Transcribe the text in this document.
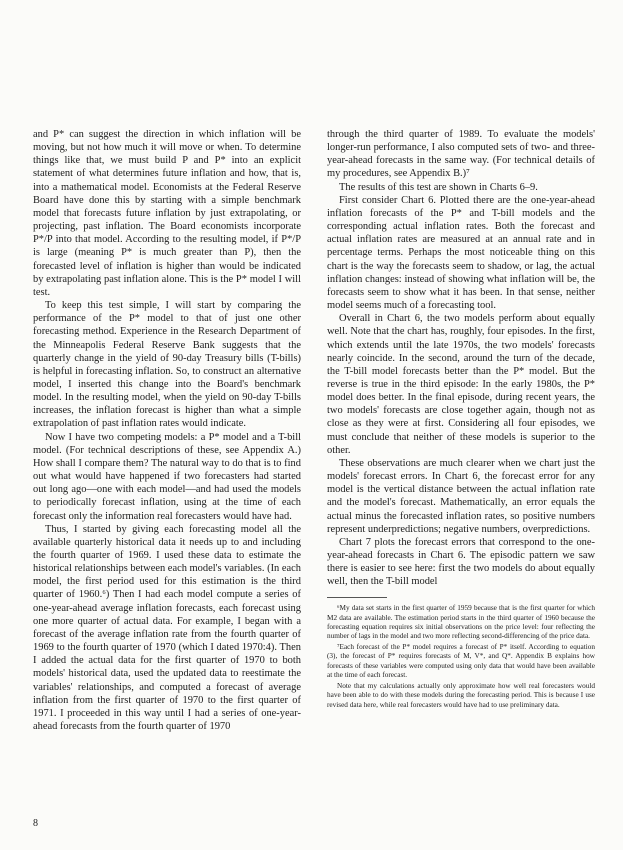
and P* can suggest the direction in which inflation will be moving, but not how much it will move or when. To determine things like that, we must build P and P* into an explicit statement of what determines future inflation and how, that is, into a mathematical model. Economists at the Federal Reserve Board have done this by starting with a simple benchmark model that forecasts future inflation by just extrapolating, or projecting, past inflation. The Board economists incorporate P*/P into that model. According to the resulting model, if P*/P is large (meaning P* is much greater than P), then the forecasted level of inflation is higher than would be indicated by extrapolating past inflation alone. This is the P* model I will test.

To keep this test simple, I will start by comparing the performance of the P* model to that of just one other forecasting method. Experience in the Research Department of the Minneapolis Federal Reserve Bank suggests that the quarterly change in the yield of 90-day Treasury bills (T-bills) is helpful in forecasting inflation. So, to construct an alternative model, I inserted this change into the Board's benchmark model. In the resulting model, when the yield on 90-day T-bills increases, the inflation forecast is higher than what a simple extrapolation of past inflation rates would indicate.

Now I have two competing models: a P* model and a T-bill model. (For technical descriptions of these, see Appendix A.) How shall I compare them? The natural way to do that is to find out what would have happened if two forecasters had started out long ago—one with each model—and had used the models to periodically forecast inflation, using at the time of each forecast only the information real forecasters would have had.

Thus, I started by giving each forecasting model all the available quarterly historical data it needs up to and including the fourth quarter of 1969. I used these data to estimate the historical relationships between each model's variables. (In each model, the first period used for this estimation is the third quarter of 1960.⁶) Then I had each model compute a series of one-year-ahead average inflation forecasts, each forecast using one more quarter of actual data. For example, I began with a forecast of the average inflation rate from the fourth quarter of 1969 to the fourth quarter of 1970 (which I dated 1970:4). Then I added the actual data for the first quarter of 1970 to both models' historical data, used the updated data to reestimate the variables' relationships, and computed a forecast of average inflation from the first quarter of 1970 to the first quarter of 1971. I proceeded in this way until I had a series of one-year-ahead forecasts from the fourth quarter of 1970

through the third quarter of 1989. To evaluate the models' longer-run performance, I also computed sets of two- and three-year-ahead forecasts in the same way. (For technical details of my procedures, see Appendix B.)⁷

The results of this test are shown in Charts 6–9.

First consider Chart 6. Plotted there are the one-year-ahead inflation forecasts of the P* and T-bill models and the corresponding actual inflation rates. Both the forecast and actual inflation rates are measured at an annual rate and in percentage terms. Perhaps the most noticeable thing on this chart is the way the forecasts seem to shadow, or lag, the actual inflation changes: instead of showing what inflation will be, the forecasts seem to show what it has been. In that sense, neither model seems much of a forecasting tool.

Overall in Chart 6, the two models perform about equally well. Note that the chart has, roughly, four episodes. In the first, which extends until the late 1970s, the two models' forecasts nearly coincide. In the second, around the turn of the decade, the T-bill model forecasts better than the P* model. But the reverse is true in the third episode: In the early 1980s, the P* model does better. In the final episode, during recent years, the two models' forecasts are close together again, though not as close as they were at first. Considering all four episodes, we must conclude that neither of these models is superior to the other.

These observations are much clearer when we chart just the models' forecast errors. In Chart 6, the forecast error for any model is the vertical distance between the actual inflation rate and the model's forecast. Mathematically, an error equals the actual minus the forecasted inflation rates, so positive numbers represent underpredictions; negative numbers, overpredictions.

Chart 7 plots the forecast errors that correspond to the one-year-ahead forecasts in Chart 6. The episodic pattern we saw there is easier to see here: first the two models do about equally well, then the T-bill model

⁶My data set starts in the first quarter of 1959 because that is the first quarter for which M2 data are available. The estimation period starts in the third quarter of 1960 because the forecasting equation requires six initial observations on the price level: four reflecting the number of lags in the model and two more reflecting second-differencing of the price data.

⁷Each forecast of the P* model requires a forecast of P* itself. According to equation (3), the forecast of P* requires forecasts of M, V*, and Q*. Appendix B explains how forecasts of these variables were computed using only data that would have been available at the time of each forecast.

Note that my calculations actually only approximate how well real forecasters would have been able to do with these models during the forecasting period. This is because I use revised data here, while real forecasters would have had to use preliminary data.

8
